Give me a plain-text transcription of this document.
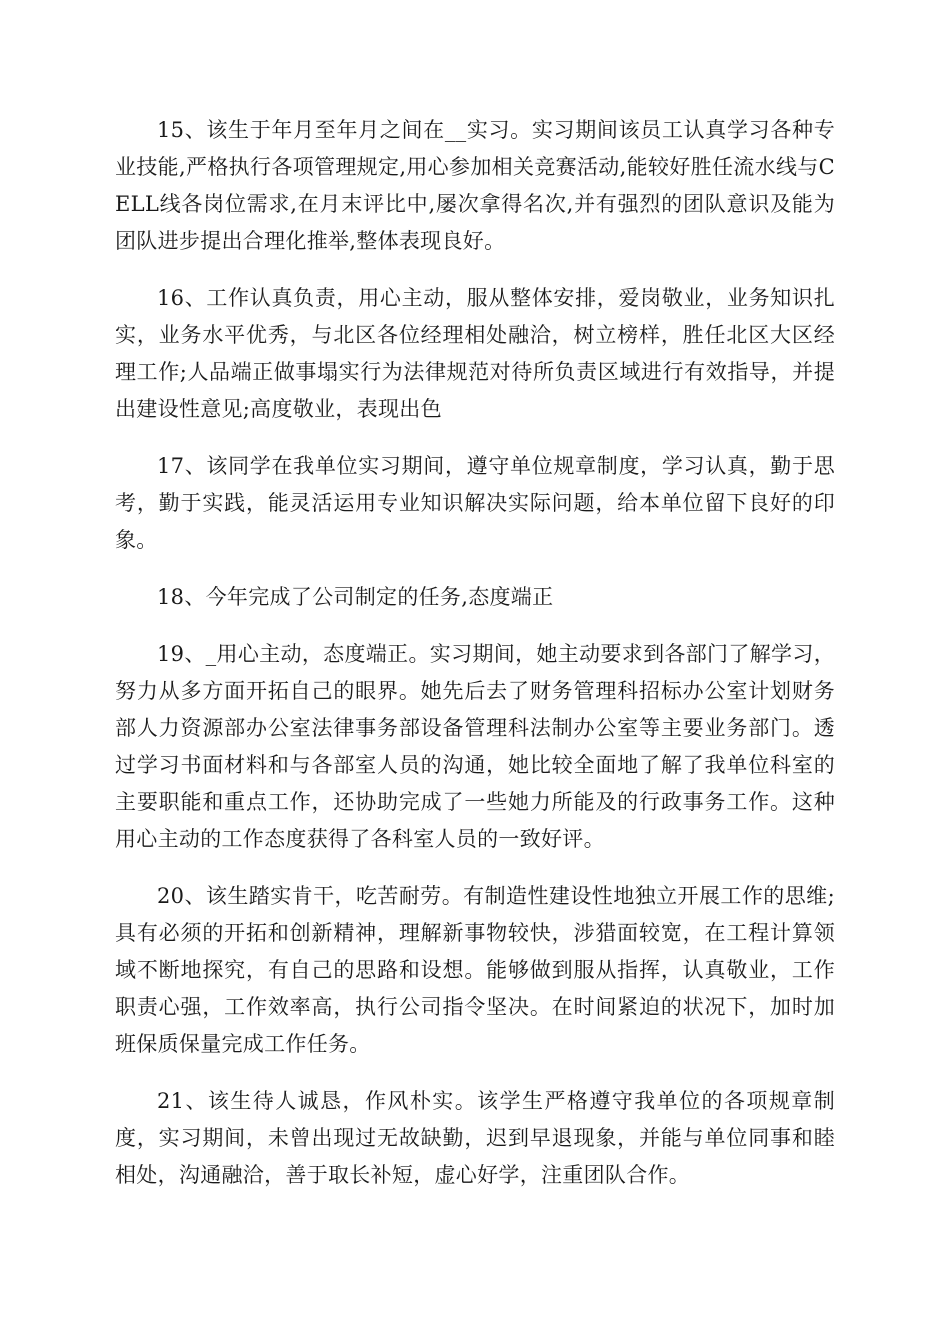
15、该生于年月至年月之间在__实习。实习期间该员工认真学习各种专业技能,严格执行各项管理规定,用心参加相关竞赛活动,能较好胜任流水线与CELL线各岗位需求,在月末评比中,屡次拿得名次,并有强烈的团队意识及能为团队进步提出合理化推举,整体表现良好。

16、工作认真负责，用心主动，服从整体安排，爱岗敬业，业务知识扎实，业务水平优秀，与北区各位经理相处融洽，树立榜样，胜任北区大区经理工作;人品端正做事塌实行为法律规范对待所负责区域进行有效指导，并提出建设性意见;高度敬业，表现出色

17、该同学在我单位实习期间，遵守单位规章制度，学习认真，勤于思考，勤于实践，能灵活运用专业知识解决实际问题，给本单位留下良好的印象。

18、今年完成了公司制定的任务,态度端正

19、_用心主动，态度端正。实习期间，她主动要求到各部门了解学习，努力从多方面开拓自己的眼界。她先后去了财务管理科招标办公室计划财务部人力资源部办公室法律事务部设备管理科法制办公室等主要业务部门。透过学习书面材料和与各部室人员的沟通，她比较全面地了解了我单位科室的主要职能和重点工作，还协助完成了一些她力所能及的行政事务工作。这种用心主动的工作态度获得了各科室人员的一致好评。

20、该生踏实肯干，吃苦耐劳。有制造性建设性地独立开展工作的思维;具有必须的开拓和创新精神，理解新事物较快，涉猎面较宽，在工程计算领域不断地探究，有自己的思路和设想。能够做到服从指挥，认真敬业，工作职责心强，工作效率高，执行公司指令坚决。在时间紧迫的状况下，加时加班保质保量完成工作任务。

21、该生待人诚恳，作风朴实。该学生严格遵守我单位的各项规章制度，实习期间，未曾出现过无故缺勤，迟到早退现象，并能与单位同事和睦相处，沟通融洽，善于取长补短，虚心好学，注重团队合作。
